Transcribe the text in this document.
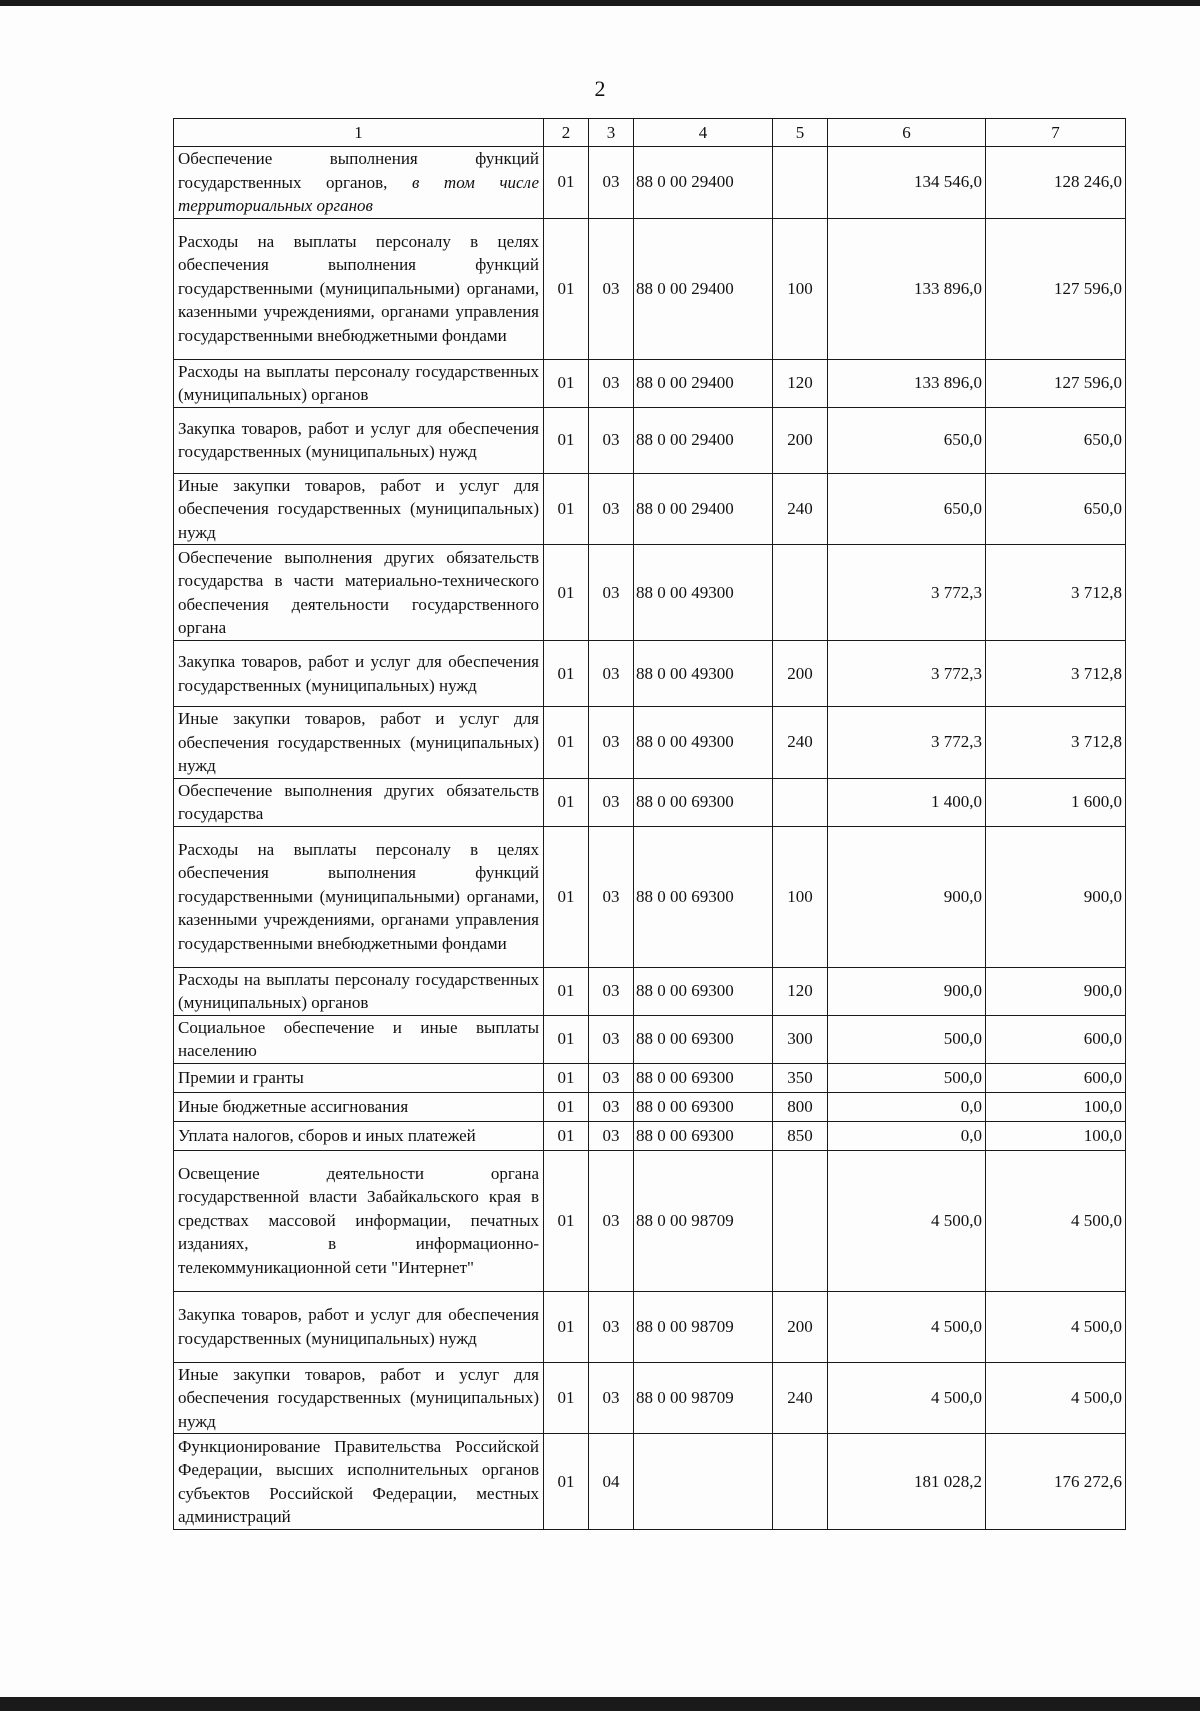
2
1	2	3	4	5	6	7
Обеспечение выполнения функций государственных органов, в том числе территориальных органов	01	03	88 0 00 29400		134 546,0	128 246,0
Расходы на выплаты персоналу в целях обеспечения выполнения функций государственными (муниципальными) органами, казенными учреждениями, органами управления государственными внебюджетными фондами	01	03	88 0 00 29400	100	133 896,0	127 596,0
Расходы на выплаты персоналу государственных (муниципальных) органов	01	03	88 0 00 29400	120	133 896,0	127 596,0
Закупка товаров, работ и услуг для обеспечения государственных (муниципальных) нужд	01	03	88 0 00 29400	200	650,0	650,0
Иные закупки товаров, работ и услуг для обеспечения государственных (муниципальных) нужд	01	03	88 0 00 29400	240	650,0	650,0
Обеспечение выполнения других обязательств государства в части материально-технического обеспечения деятельности государственного органа	01	03	88 0 00 49300		3 772,3	3 712,8
Закупка товаров, работ и услуг для обеспечения государственных (муниципальных) нужд	01	03	88 0 00 49300	200	3 772,3	3 712,8
Иные закупки товаров, работ и услуг для обеспечения государственных (муниципальных) нужд	01	03	88 0 00 49300	240	3 772,3	3 712,8
Обеспечение выполнения других обязательств государства	01	03	88 0 00 69300		1 400,0	1 600,0
Расходы на выплаты персоналу в целях обеспечения выполнения функций государственными (муниципальными) органами, казенными учреждениями, органами управления государственными внебюджетными фондами	01	03	88 0 00 69300	100	900,0	900,0
Расходы на выплаты персоналу государственных (муниципальных) органов	01	03	88 0 00 69300	120	900,0	900,0
Социальное обеспечение и иные выплаты населению	01	03	88 0 00 69300	300	500,0	600,0
Премии и гранты	01	03	88 0 00 69300	350	500,0	600,0
Иные бюджетные ассигнования	01	03	88 0 00 69300	800	0,0	100,0
Уплата налогов, сборов и иных платежей	01	03	88 0 00 69300	850	0,0	100,0
Освещение деятельности органа государственной власти Забайкальского края в средствах массовой информации, печатных изданиях, в информационно-телекоммуникационной сети "Интернет"	01	03	88 0 00 98709		4 500,0	4 500,0
Закупка товаров, работ и услуг для обеспечения государственных (муниципальных) нужд	01	03	88 0 00 98709	200	4 500,0	4 500,0
Иные закупки товаров, работ и услуг для обеспечения государственных (муниципальных) нужд	01	03	88 0 00 98709	240	4 500,0	4 500,0
Функционирование Правительства Российской Федерации, высших исполнительных органов субъектов Российской Федерации, местных администраций	01	04			181 028,2	176 272,6
